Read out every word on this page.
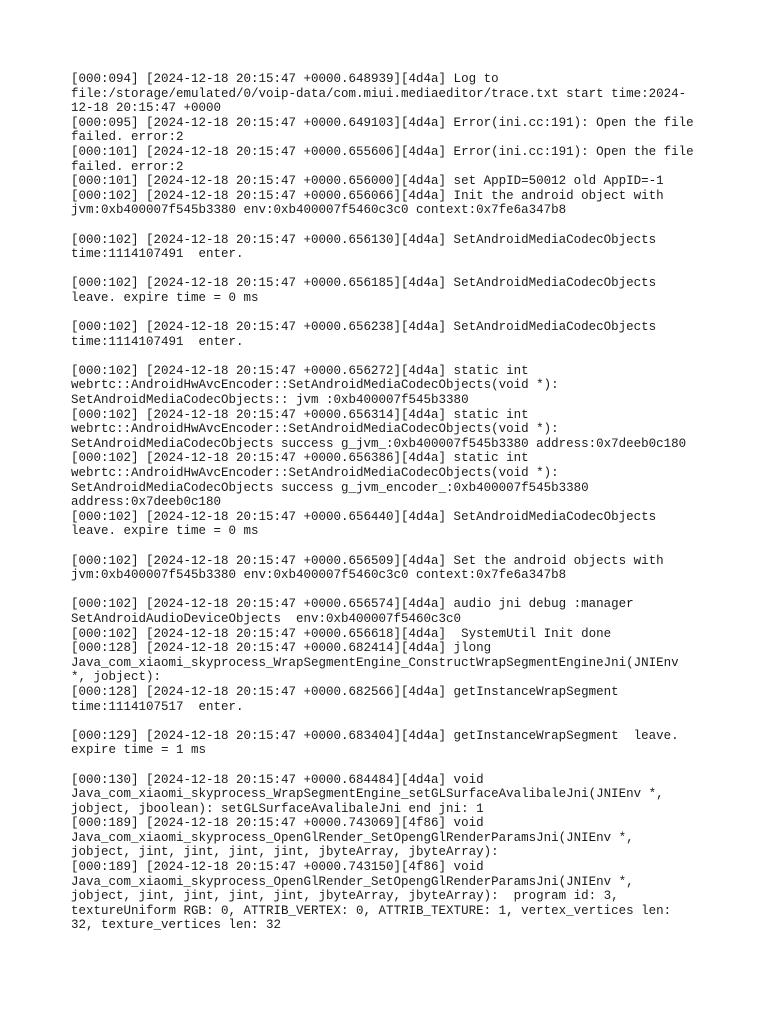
[000:094] [2024-12-18 20:15:47 +0000.648939][4d4a] Log to
file:/storage/emulated/0/voip-data/com.miui.mediaeditor/trace.txt start time:2024-
12-18 20:15:47 +0000
[000:095] [2024-12-18 20:15:47 +0000.649103][4d4a] Error(ini.cc:191): Open the file
failed. error:2
[000:101] [2024-12-18 20:15:47 +0000.655606][4d4a] Error(ini.cc:191): Open the file
failed. error:2
[000:101] [2024-12-18 20:15:47 +0000.656000][4d4a] set AppID=50012 old AppID=-1
[000:102] [2024-12-18 20:15:47 +0000.656066][4d4a] Init the android object with
jvm:0xb400007f545b3380 env:0xb400007f5460c3c0 context:0x7fe6a347b8
[000:102] [2024-12-18 20:15:47 +0000.656130][4d4a] SetAndroidMediaCodecObjects
time:1114107491  enter.
[000:102] [2024-12-18 20:15:47 +0000.656185][4d4a] SetAndroidMediaCodecObjects
leave. expire time = 0 ms
[000:102] [2024-12-18 20:15:47 +0000.656238][4d4a] SetAndroidMediaCodecObjects
time:1114107491  enter.
[000:102] [2024-12-18 20:15:47 +0000.656272][4d4a] static int
webrtc::AndroidHwAvcEncoder::SetAndroidMediaCodecObjects(void *):
SetAndroidMediaCodecObjects:: jvm :0xb400007f545b3380
[000:102] [2024-12-18 20:15:47 +0000.656314][4d4a] static int
webrtc::AndroidHwAvcEncoder::SetAndroidMediaCodecObjects(void *):
SetAndroidMediaCodecObjects success g_jvm_:0xb400007f545b3380 address:0x7deeb0c180
[000:102] [2024-12-18 20:15:47 +0000.656386][4d4a] static int
webrtc::AndroidHwAvcEncoder::SetAndroidMediaCodecObjects(void *):
SetAndroidMediaCodecObjects success g_jvm_encoder_:0xb400007f545b3380
address:0x7deeb0c180
[000:102] [2024-12-18 20:15:47 +0000.656440][4d4a] SetAndroidMediaCodecObjects
leave. expire time = 0 ms
[000:102] [2024-12-18 20:15:47 +0000.656509][4d4a] Set the android objects with
jvm:0xb400007f545b3380 env:0xb400007f5460c3c0 context:0x7fe6a347b8
[000:102] [2024-12-18 20:15:47 +0000.656574][4d4a] audio jni debug :manager
SetAndroidAudioDeviceObjects  env:0xb400007f5460c3c0
[000:102] [2024-12-18 20:15:47 +0000.656618][4d4a]  SystemUtil Init done
[000:128] [2024-12-18 20:15:47 +0000.682414][4d4a] jlong
Java_com_xiaomi_skyprocess_WrapSegmentEngine_ConstructWrapSegmentEngineJni(JNIEnv
*, jobject):
[000:128] [2024-12-18 20:15:47 +0000.682566][4d4a] getInstanceWrapSegment
time:1114107517  enter.
[000:129] [2024-12-18 20:15:47 +0000.683404][4d4a] getInstanceWrapSegment  leave.
expire time = 1 ms
[000:130] [2024-12-18 20:15:47 +0000.684484][4d4a] void
Java_com_xiaomi_skyprocess_WrapSegmentEngine_setGLSurfaceAvalibaleJni(JNIEnv *,
jobject, jboolean): setGLSurfaceAvalibaleJni end jni: 1
[000:189] [2024-12-18 20:15:47 +0000.743069][4f86] void
Java_com_xiaomi_skyprocess_OpenGlRender_SetOpengGlRenderParamsJni(JNIEnv *,
jobject, jint, jint, jint, jint, jbyteArray, jbyteArray):
[000:189] [2024-12-18 20:15:47 +0000.743150][4f86] void
Java_com_xiaomi_skyprocess_OpenGlRender_SetOpengGlRenderParamsJni(JNIEnv *,
jobject, jint, jint, jint, jint, jbyteArray, jbyteArray):  program id: 3,
textureUniform RGB: 0, ATTRIB_VERTEX: 0, ATTRIB_TEXTURE: 1, vertex_vertices len:
32, texture_vertices len: 32
